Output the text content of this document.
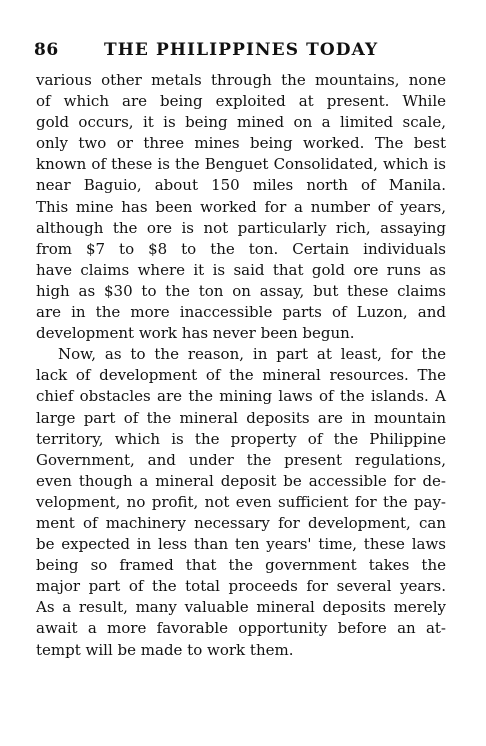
86	THE PHILIPPINES TODAY
various other metals through the mountains, none
of which are being exploited at present. While
gold occurs, it is being mined on a limited scale,
only two or three mines being worked. The best
known of these is the Benguet Consolidated, which is
near Baguio, about 150 miles north of Manila.
This mine has been worked for a number of years,
although the ore is not particularly rich, assaying
from $7 to $8 to the ton. Certain individuals
have claims where it is said that gold ore runs as
high as $30 to the ton on assay, but these claims
are in the more inaccessible parts of Luzon, and
development work has never been begun.
Now, as to the reason, in part at least, for the
lack of development of the mineral resources. The
chief obstacles are the mining laws of the islands. A
large part of the mineral deposits are in mountain
territory, which is the property of the Philippine
Government, and under the present regulations,
even though a mineral deposit be accessible for de-
velopment, no profit, not even sufficient for the pay-
ment of machinery necessary for development, can
be expected in less than ten years' time, these laws
being so framed that the government takes the
major part of the total proceeds for several years.
As a result, many valuable mineral deposits merely
await a more favorable opportunity before an at-
tempt will be made to work them.
